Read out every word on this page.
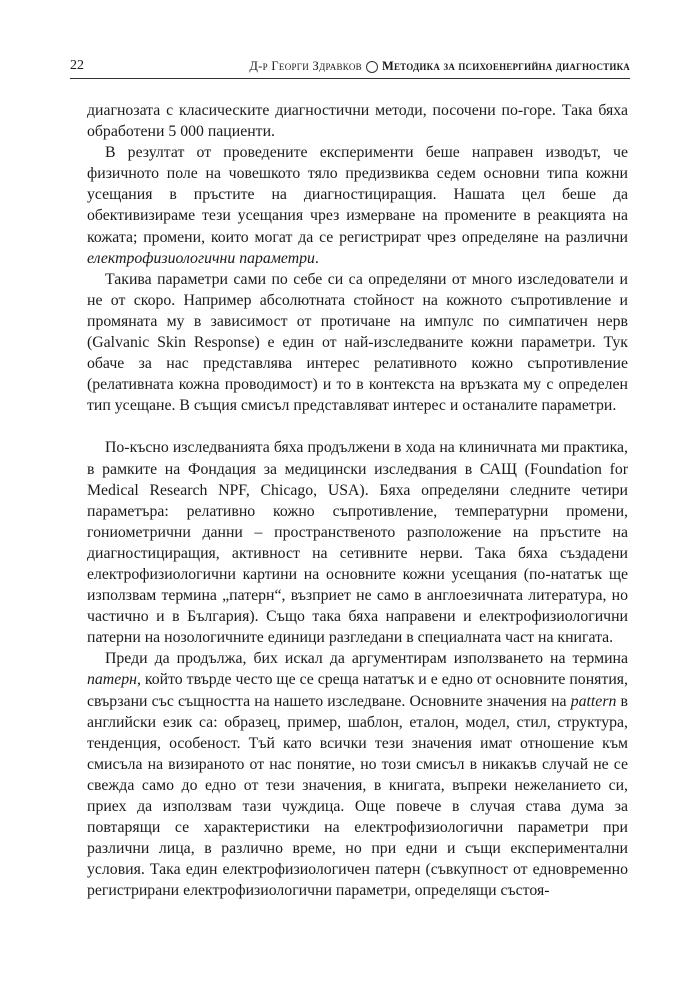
22	Д-р Георги Здравков Методика за психоенергийна диагностика

диагнозата с класическите диагностични методи, посочени по-горе. Така бяха обработени 5 000 пациенти.

В резултат от проведените експерименти беше направен изводът, че физичното поле на човешкото тяло предизвиква седем основни типа кожни усещания в пръстите на диагностициращия. Нашата цел беше да обективизираме тези усещания чрез измерване на промените в реакцията на кожата; промени, които могат да се регистрират чрез определяне на различни електрофизиологични параметри.

Такива параметри сами по себе си са определяни от много изследователи и не от скоро. Например абсолютната стойност на кожното съпротивление и промяната му в зависимост от протичане на импулс по симпатичен нерв (Galvanic Skin Response) е един от най-изследваните кожни параметри. Тук обаче за нас представлява интерес релативното кожно съпротивление (релативната кожна проводимост) и то в контекста на връзката му с определен тип усещане. В същия смисъл представляват интерес и останалите параметри.

По-късно изследванията бяха продължени в хода на клиничната ми практика, в рамките на Фондация за медицински изследвания в САЩ (Foundation for Medical Research NPF, Chicago, USA). Бяха определяни следните четири параметъра: релативно кожно съпротивление, температурни промени, гониометрични данни – пространственото разположение на пръстите на диагностициращия, активност на сетивните нерви. Така бяха създадени електрофизиологични картини на основните кожни усещания (по-нататък ще използвам термина „патерн“, възприет не само в англоезичната литература, но частично и в България). Също така бяха направени и електрофизиологични патерни на нозологичните единици разгледани в специалната част на книгата.

Преди да продължа, бих искал да аргументирам използването на термина патерн, който твърде често ще се среща нататък и е едно от основните понятия, свързани със същността на нашето изследване. Основните значения на pattern в английски език са: образец, пример, шаблон, еталон, модел, стил, структура, тенденция, особеност. Тъй като всички тези значения имат отношение към смисъла на визираното от нас понятие, но този смисъл в никакъв случай не се свежда само до едно от тези значения, в книгата, въпреки нежеланието си, приех да използвам тази чуждица. Още повече в случая става дума за повтарящи се характеристики на електрофизиологични параметри при различни лица, в различно време, но при едни и същи експериментални условия. Така един електрофизиологичен патерн (съвкупност от едновременно регистрирани електрофизиологични параметри, определящи състоя-
